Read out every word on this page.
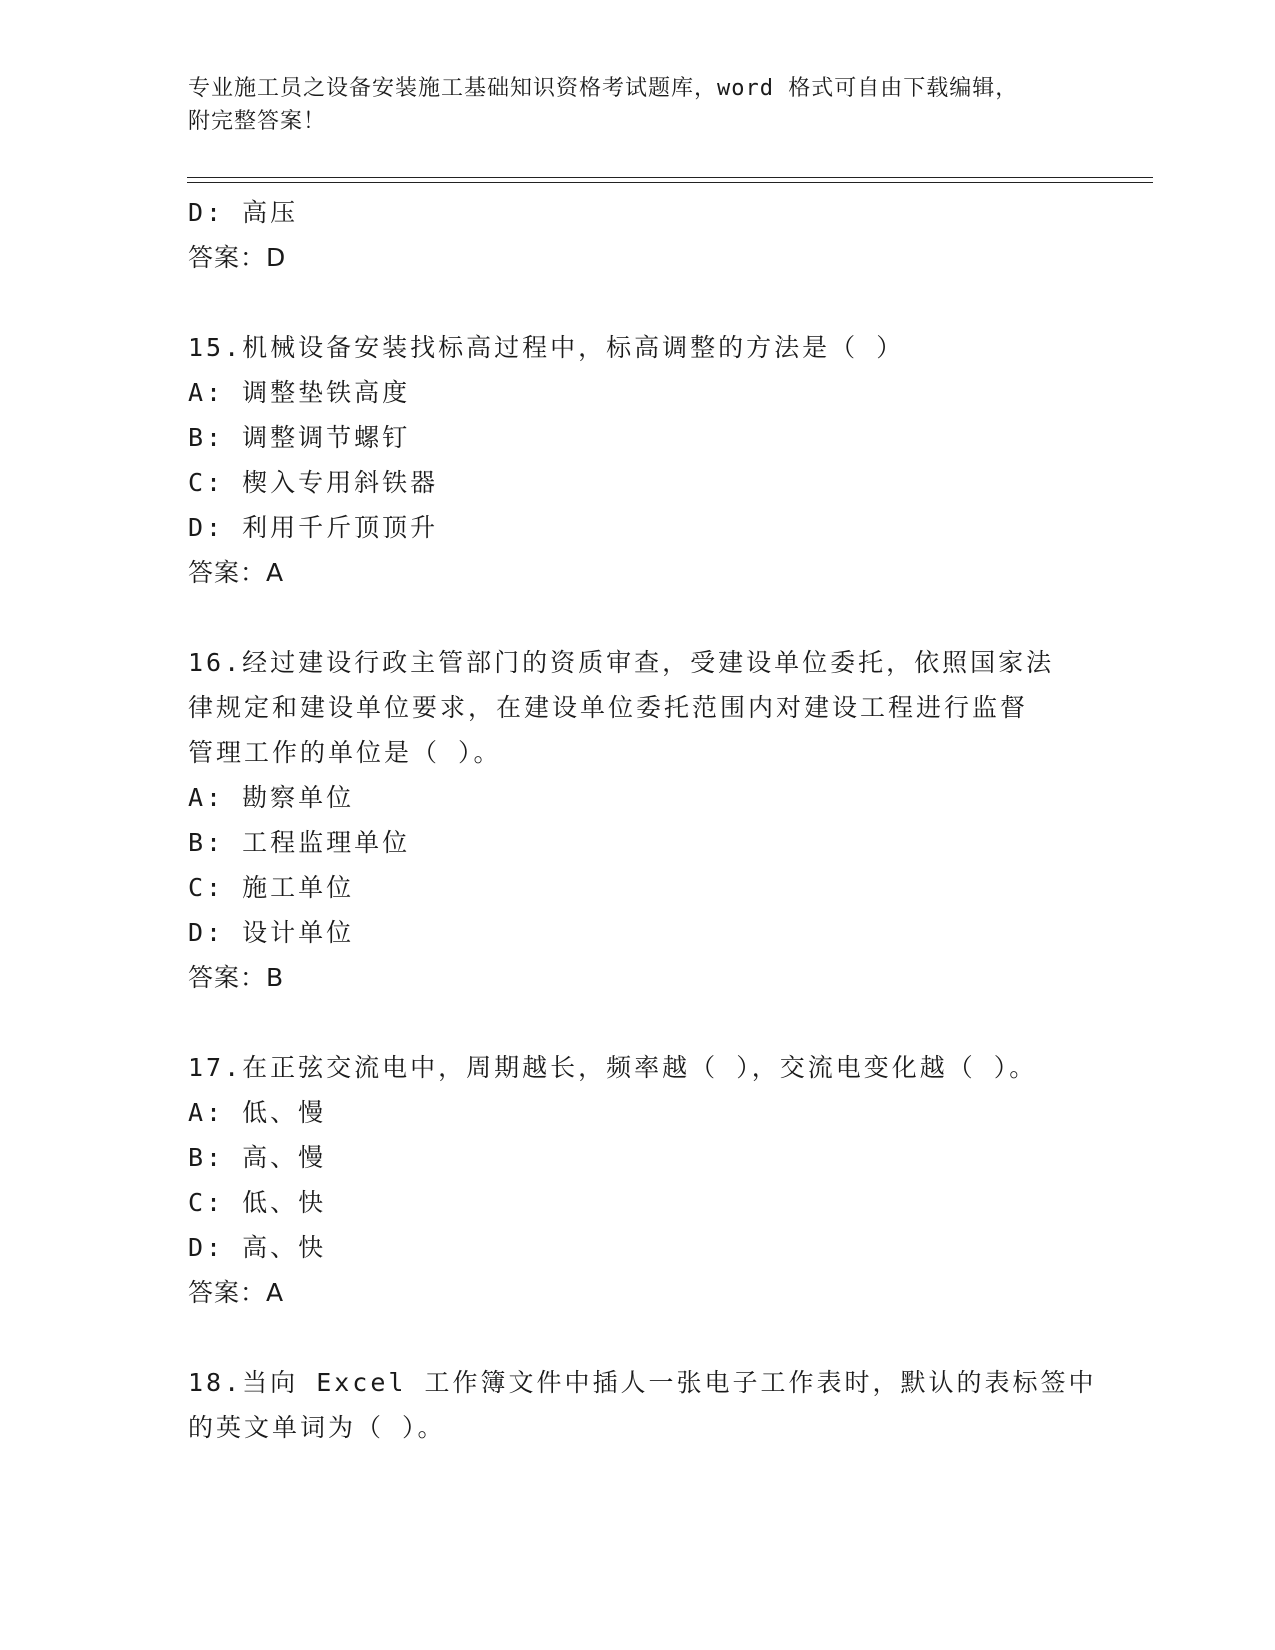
专业施工员之设备安装施工基础知识资格考试题库，word 格式可自由下载编辑，
附完整答案！
D: 高压
答案：D
15.机械设备安装找标高过程中，标高调整的方法是（ ）
A: 调整垫铁高度
B: 调整调节螺钉
C: 楔入专用斜铁器
D: 利用千斤顶顶升
答案：A
16.经过建设行政主管部门的资质审查，受建设单位委托，依照国家法
律规定和建设单位要求，在建设单位委托范围内对建设工程进行监督
管理工作的单位是（ ）。
A: 勘察单位
B: 工程监理单位
C: 施工单位
D: 设计单位
答案：B
17.在正弦交流电中，周期越长，频率越（ ），交流电变化越（ ）。
A: 低、慢
B: 高、慢
C: 低、快
D: 高、快
答案：A
18.当向 Excel 工作簿文件中插人一张电子工作表时，默认的表标签中
的英文单词为（ ）。
